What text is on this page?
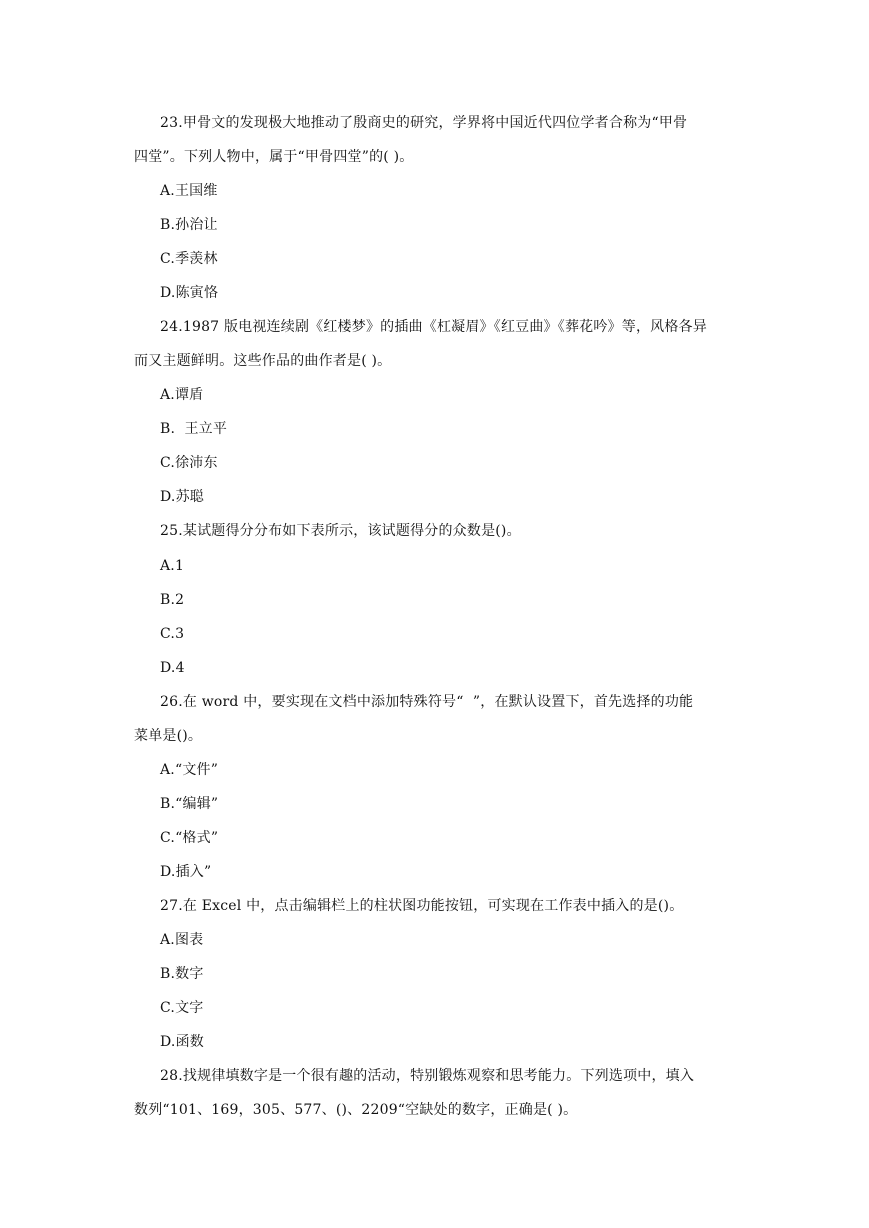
23.甲骨文的发现极大地推动了殷商史的研究，学界将中国近代四位学者合称为“甲骨
四堂”。下列人物中，属于“甲骨四堂”的( )。
A.王国维
B.孙治让
C.季羡林
D.陈寅恪
24.1987 版电视连续剧《红楼梦》的插曲《杠凝眉》《红豆曲》《葬花吟》等，风格各异
而又主题鲜明。这些作品的曲作者是( )。
A.谭盾
B.  王立平
C.徐沛东
D.苏聪
25.某试题得分分布如下表所示，该试题得分的众数是()。
A.1
B.2
C.3
D.4
26.在 word 中，要实现在文档中添加特殊符号“  ”，在默认设置下，首先选择的功能
菜单是()。
A.“文件”
B.“编辑”
C.“格式”
D.插入”
27.在 Excel 中，点击编辑栏上的柱状图功能按钮，可实现在工作表中插入的是()。
A.图表
B.数字
C.文字
D.函数
28.找规律填数字是一个很有趣的活动，特别锻炼观察和思考能力。下列选项中，填入
数列“101、169，305、577、()、2209“空缺处的数字，正确是( )。
